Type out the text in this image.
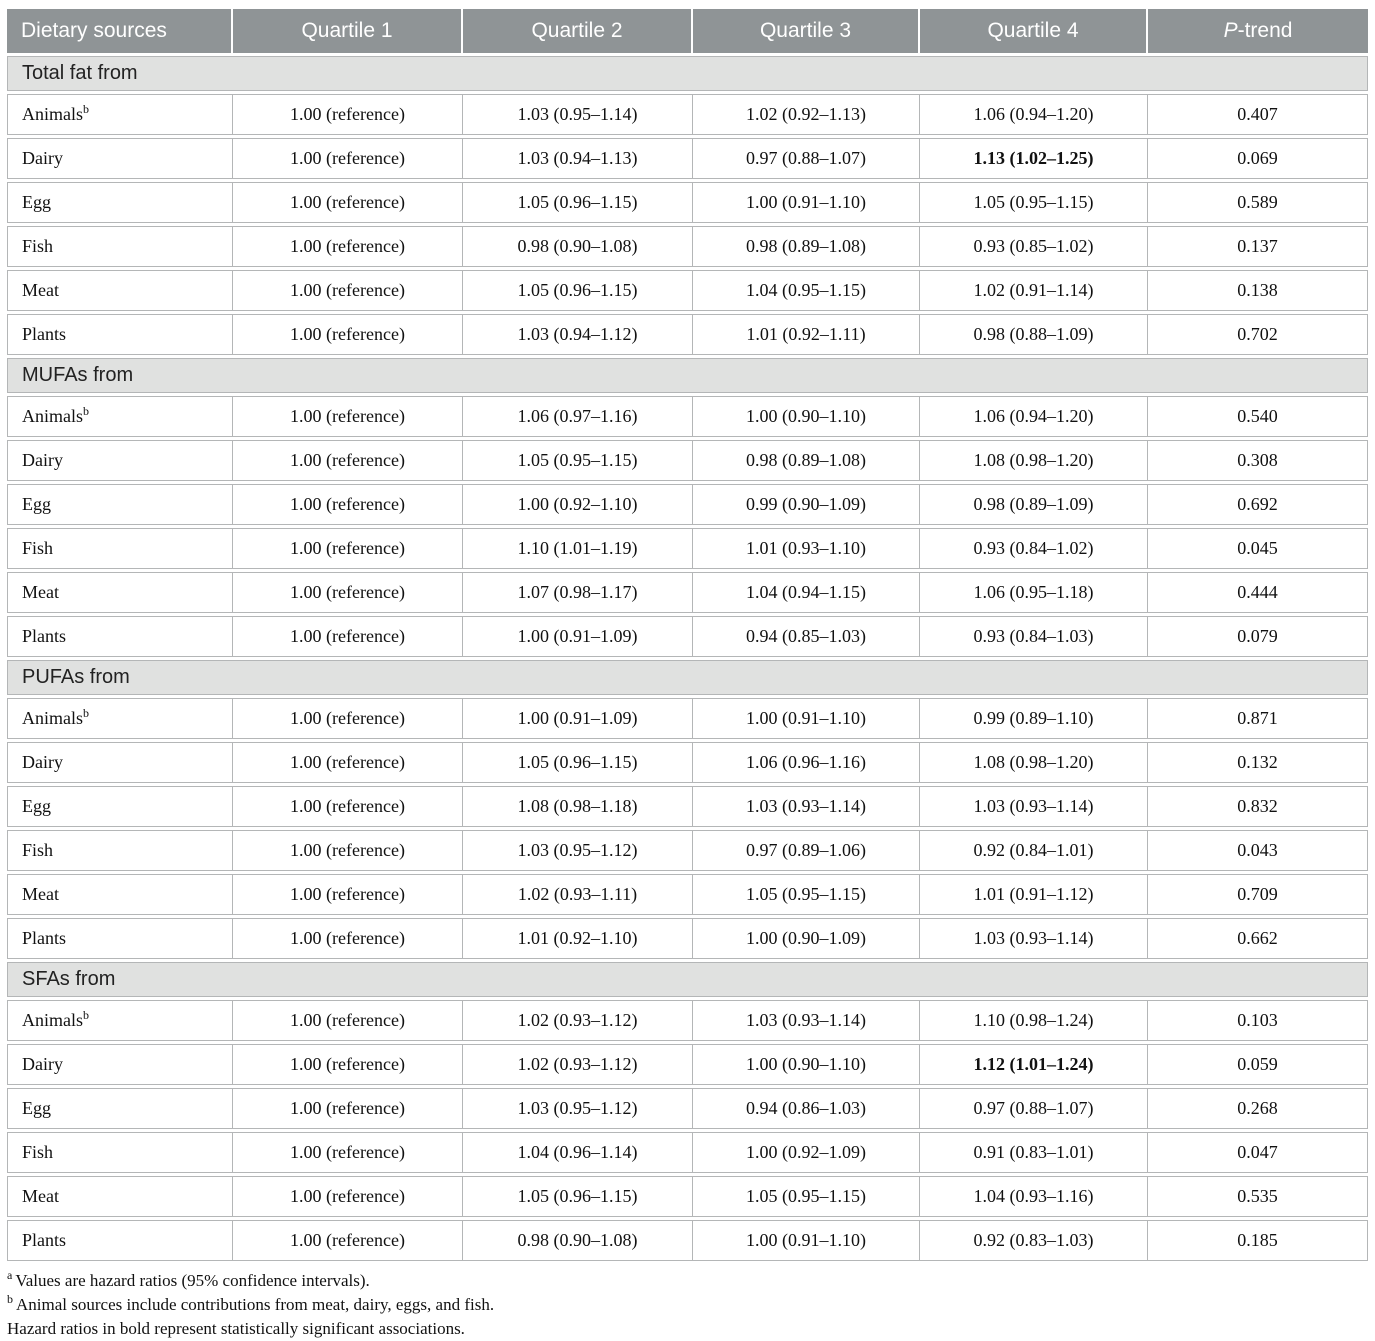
Dietary sources	Quartile 1	Quartile 2	Quartile 3	Quartile 4	P-trend
Total fat from					
Animals$^b$	1.00 (reference)	1.03 (0.95–1.14)	1.02 (0.92–1.13)	1.06 (0.94–1.20)	0.407
Dairy	1.00 (reference)	1.03 (0.94–1.13)	0.97 (0.88–1.07)	1.13 (1.02–1.25)	0.069
Egg	1.00 (reference)	1.05 (0.96–1.15)	1.00 (0.91–1.10)	1.05 (0.95–1.15)	0.589
Fish	1.00 (reference)	0.98 (0.90–1.08)	0.98 (0.89–1.08)	0.93 (0.85–1.02)	0.137
Meat	1.00 (reference)	1.05 (0.96–1.15)	1.04 (0.95–1.15)	1.02 (0.91–1.14)	0.138
Plants	1.00 (reference)	1.03 (0.94–1.12)	1.01 (0.92–1.11)	0.98 (0.88–1.09)	0.702
MUFAs from					
Animals$^b$	1.00 (reference)	1.06 (0.97–1.16)	1.00 (0.90–1.10)	1.06 (0.94–1.20)	0.540
Dairy	1.00 (reference)	1.05 (0.95–1.15)	0.98 (0.89–1.08)	1.08 (0.98–1.20)	0.308
Egg	1.00 (reference)	1.00 (0.92–1.10)	0.99 (0.90–1.09)	0.98 (0.89–1.09)	0.692
Fish	1.00 (reference)	1.10 (1.01–1.19)	1.01 (0.93–1.10)	0.93 (0.84–1.02)	0.045
Meat	1.00 (reference)	1.07 (0.98–1.17)	1.04 (0.94–1.15)	1.06 (0.95–1.18)	0.444
Plants	1.00 (reference)	1.00 (0.91–1.09)	0.94 (0.85–1.03)	0.93 (0.84–1.03)	0.079
PUFAs from					
Animals$^b$	1.00 (reference)	1.00 (0.91–1.09)	1.00 (0.91–1.10)	0.99 (0.89–1.10)	0.871
Dairy	1.00 (reference)	1.05 (0.96–1.15)	1.06 (0.96–1.16)	1.08 (0.98–1.20)	0.132
Egg	1.00 (reference)	1.08 (0.98–1.18)	1.03 (0.93–1.14)	1.03 (0.93–1.14)	0.832
Fish	1.00 (reference)	1.03 (0.95–1.12)	0.97 (0.89–1.06)	0.92 (0.84–1.01)	0.043
Meat	1.00 (reference)	1.02 (0.93–1.11)	1.05 (0.95–1.15)	1.01 (0.91–1.12)	0.709
Plants	1.00 (reference)	1.01 (0.92–1.10)	1.00 (0.90–1.09)	1.03 (0.93–1.14)	0.662
SFAs from					
Animals$^b$	1.00 (reference)	1.02 (0.93–1.12)	1.03 (0.93–1.14)	1.10 (0.98–1.24)	0.103
Dairy	1.00 (reference)	1.02 (0.93–1.12)	1.00 (0.90–1.10)	1.12 (1.01–1.24)	0.059
Egg	1.00 (reference)	1.03 (0.95–1.12)	0.94 (0.86–1.03)	0.97 (0.88–1.07)	0.268
Fish	1.00 (reference)	1.04 (0.96–1.14)	1.00 (0.92–1.09)	0.91 (0.83–1.01)	0.047
Meat	1.00 (reference)	1.05 (0.96–1.15)	1.05 (0.95–1.15)	1.04 (0.93–1.16)	0.535
Plants	1.00 (reference)	0.98 (0.90–1.08)	1.00 (0.91–1.10)	0.92 (0.83–1.03)	0.185
$^a$ Values are hazard ratios (95% confidence intervals).
$^b$ Animal sources include contributions from meat, dairy, eggs, and fish.
Hazard ratios in bold represent statistically significant associations.
